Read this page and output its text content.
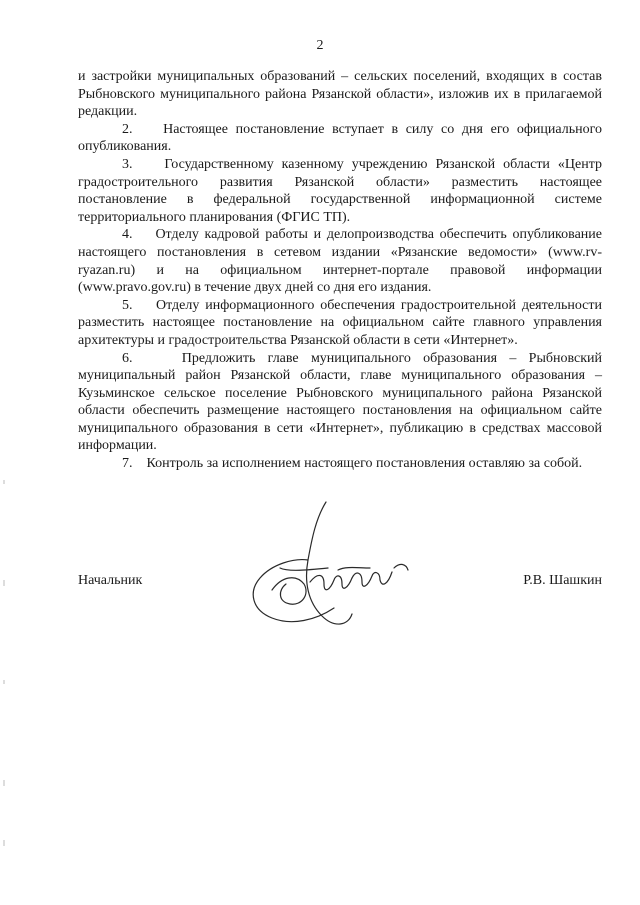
2

и застройки муниципальных образований – сельских поселений, входящих в состав Рыбновского муниципального района Рязанской области», изложив их в прилагаемой редакции.

2.    Настоящее постановление вступает в силу со дня его официального опубликования.

3.    Государственному казенному учреждению Рязанской области «Центр градостроительного развития Рязанской области» разместить настоящее постановление в федеральной государственной информационной системе территориального планирования (ФГИС ТП).

4.    Отделу кадровой работы и делопроизводства обеспечить опубликование настоящего постановления в сетевом издании «Рязанские ведомости» (www.rv-ryazan.ru) и на официальном интернет-портале правовой информации (www.pravo.gov.ru) в течение двух дней со дня его издания.

5.    Отделу информационного обеспечения градостроительной деятельности разместить настоящее постановление на официальном сайте главного управления архитектуры и градостроительства Рязанской области в сети «Интернет».

6.    Предложить главе муниципального образования – Рыбновский муниципальный район Рязанской области, главе муниципального образования – Кузьминское сельское поселение Рыбновского муниципального района Рязанской области обеспечить размещение настоящего постановления на официальном сайте муниципального образования в сети «Интернет», публикацию в средствах массовой информации.

7.    Контроль за исполнением настоящего постановления оставляю за собой.

Начальник	Р.В. Шашкин
